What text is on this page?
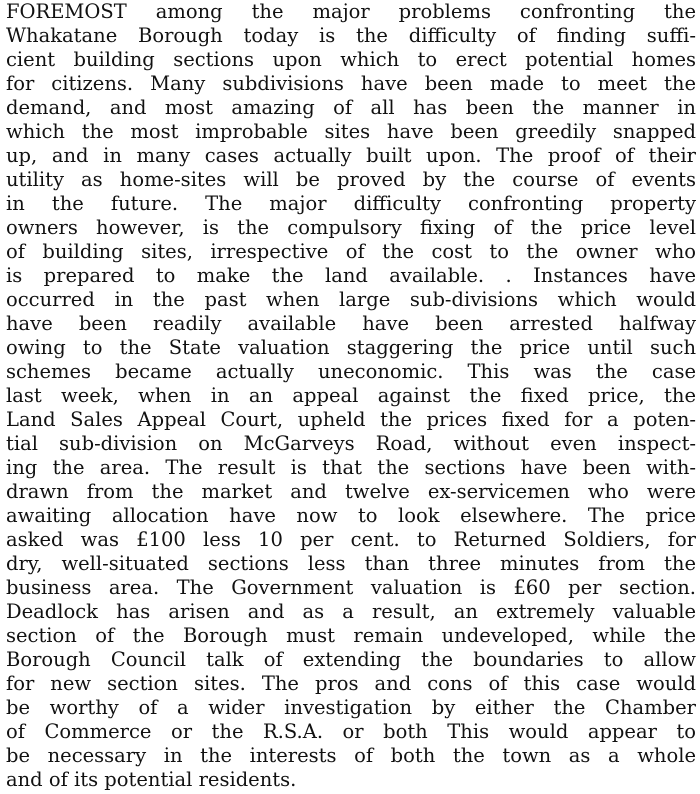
FOREMOST among the major problems confronting the
Whakatane Borough today is the difficulty of finding suffi-
cient building sections upon which to erect potential homes
for citizens. Many subdivisions have been made to meet the
demand, and most amazing of all has been the manner in
which the most improbable sites have been greedily snapped
up, and in many cases actually built upon. The proof of their
utility as home-sites will be proved by the course of events
in the future. The major difficulty confronting property
owners however, is the compulsory fixing of the price level
of building sites, irrespective of the cost to the owner who
is prepared to make the land available. . Instances have
occurred in the past when large sub-divisions which would
have been readily available have been arrested halfway
owing to the State valuation staggering the price until such
schemes became actually uneconomic. This was the case
last week, when in an appeal against the fixed price, the
Land Sales Appeal Court, upheld the prices fixed for a poten-
tial sub-division on McGarveys Road, without even inspect-
ing the area. The result is that the sections have been with-
drawn from the market and twelve ex-servicemen who were
awaiting allocation have now to look elsewhere. The price
asked was £100 less 10 per cent. to Returned Soldiers, for
dry, well-situated sections less than three minutes from the
business area. The Government valuation is £60 per section.
Deadlock has arisen and as a result, an extremely valuable
section of the Borough must remain undeveloped, while the
Borough Council talk of extending the boundaries to allow
for new section sites. The pros and cons of this case would
be worthy of a wider investigation by either the Chamber
of Commerce or the R.S.A. or both This would appear to
be necessary in the interests of both the town as a whole
and of its potential residents.
